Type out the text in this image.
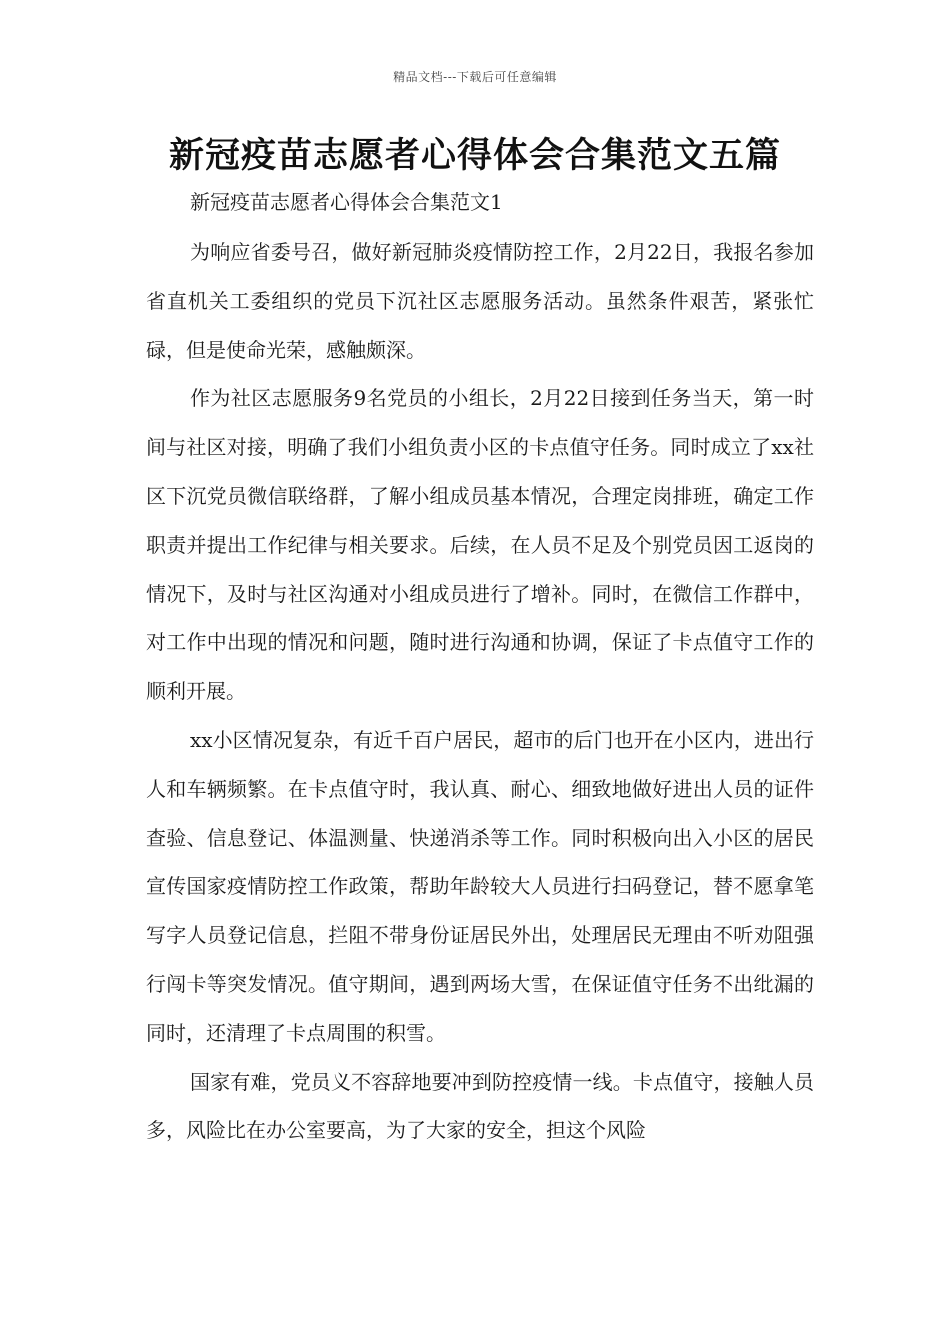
精品文档---下载后可任意编辑
新冠疫苗志愿者心得体会合集范文五篇
新冠疫苗志愿者心得体会合集范文1

为响应省委号召，做好新冠肺炎疫情防控工作，2月22日，我报名参加省直机关工委组织的党员下沉社区志愿服务活动。虽然条件艰苦，紧张忙碌，但是使命光荣，感触颇深。

作为社区志愿服务9名党员的小组长，2月22日接到任务当天，第一时间与社区对接，明确了我们小组负责小区的卡点值守任务。同时成立了xx社区下沉党员微信联络群，了解小组成员基本情况，合理定岗排班，确定工作职责并提出工作纪律与相关要求。后续，在人员不足及个别党员因工返岗的情况下，及时与社区沟通对小组成员进行了增补。同时，在微信工作群中，对工作中出现的情况和问题，随时进行沟通和协调，保证了卡点值守工作的顺利开展。

xx小区情况复杂，有近千百户居民，超市的后门也开在小区内，进出行人和车辆频繁。在卡点值守时，我认真、耐心、细致地做好进出人员的证件查验、信息登记、体温测量、快递消杀等工作。同时积极向出入小区的居民宣传国家疫情防控工作政策，帮助年龄较大人员进行扫码登记，替不愿拿笔写字人员登记信息，拦阻不带身份证居民外出，处理居民无理由不听劝阻强行闯卡等突发情况。值守期间，遇到两场大雪，在保证值守任务不出纰漏的同时，还清理了卡点周围的积雪。

国家有难，党员义不容辞地要冲到防控疫情一线。卡点值守，接触人员多，风险比在办公室要高，为了大家的安全，担这个风险
